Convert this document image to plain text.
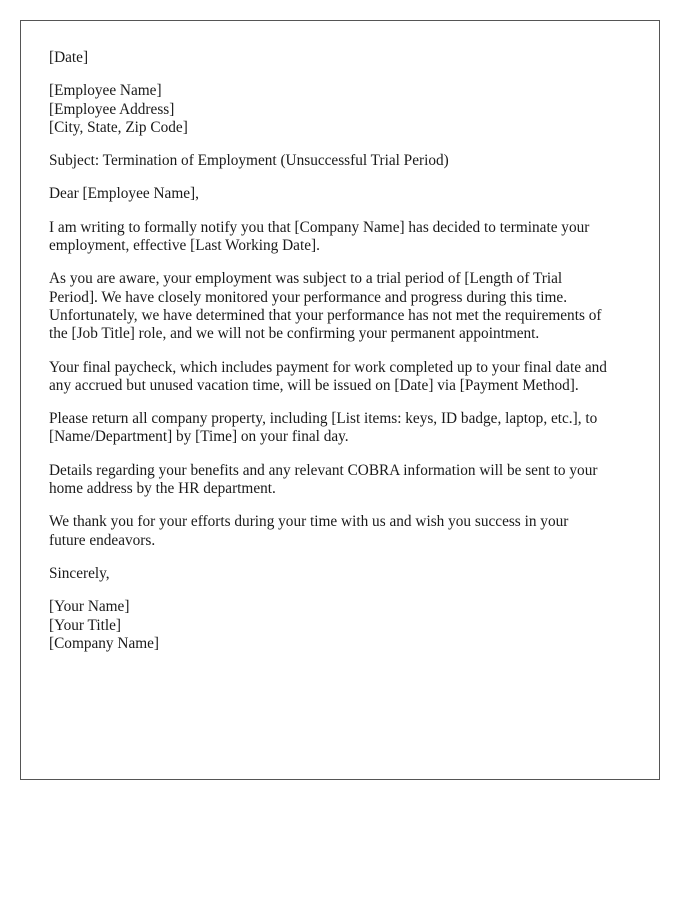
[Date]
[Employee Name]
[Employee Address]
[City, State, Zip Code]
Subject: Termination of Employment (Unsuccessful Trial Period)
Dear [Employee Name],
I am writing to formally notify you that [Company Name] has decided to terminate your
employment, effective [Last Working Date].
As you are aware, your employment was subject to a trial period of [Length of Trial
Period]. We have closely monitored your performance and progress during this time.
Unfortunately, we have determined that your performance has not met the requirements of
the [Job Title] role, and we will not be confirming your permanent appointment.
Your final paycheck, which includes payment for work completed up to your final date and
any accrued but unused vacation time, will be issued on [Date] via [Payment Method].
Please return all company property, including [List items: keys, ID badge, laptop, etc.], to
[Name/Department] by [Time] on your final day.
Details regarding your benefits and any relevant COBRA information will be sent to your
home address by the HR department.
We thank you for your efforts during your time with us and wish you success in your
future endeavors.
Sincerely,
[Your Name]
[Your Title]
[Company Name]
